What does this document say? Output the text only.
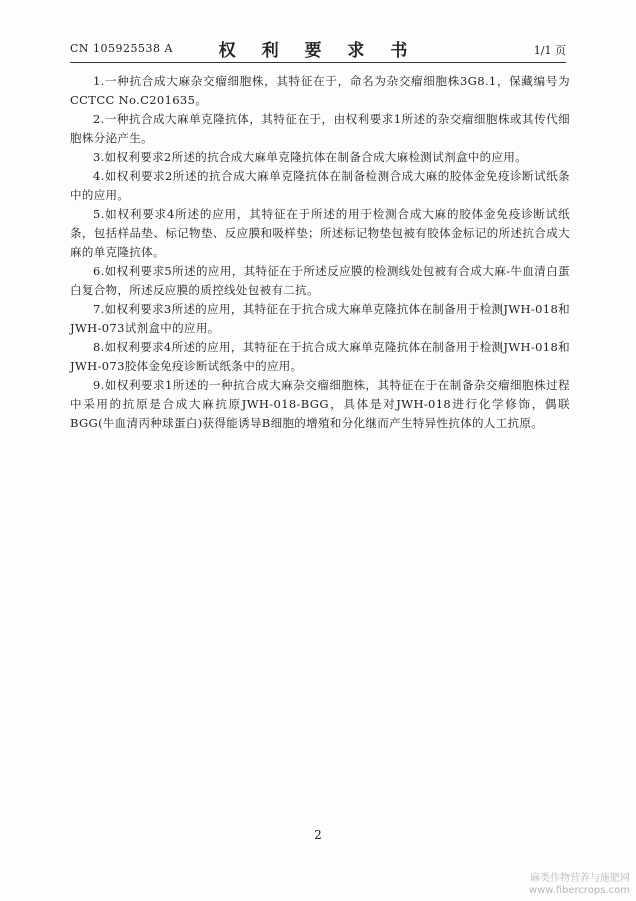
CN 105925538 A	权 利 要 求 书	1/1 页

1.一种抗合成大麻杂交瘤细胞株，其特征在于，命名为杂交瘤细胞株3G8.1，保藏编号为CCTCC No.C201635。

2.一种抗合成大麻单克隆抗体，其特征在于，由权利要求1所述的杂交瘤细胞株或其传代细胞株分泌产生。

3.如权利要求2所述的抗合成大麻单克隆抗体在制备合成大麻检测试剂盒中的应用。

4.如权利要求2所述的抗合成大麻单克隆抗体在制备检测合成大麻的胶体金免疫诊断试纸条中的应用。

5.如权利要求4所述的应用，其特征在于所述的用于检测合成大麻的胶体金免疫诊断试纸条，包括样品垫、标记物垫、反应膜和吸样垫；所述标记物垫包被有胶体金标记的所述抗合成大麻的单克隆抗体。

6.如权利要求5所述的应用，其特征在于所述反应膜的检测线处包被有合成大麻-牛血清白蛋白复合物，所述反应膜的质控线处包被有二抗。

7.如权利要求3所述的应用，其特征在于抗合成大麻单克隆抗体在制备用于检测JWH-018和JWH-073试剂盒中的应用。

8.如权利要求4所述的应用，其特征在于抗合成大麻单克隆抗体在制备用于检测JWH-018和JWH-073胶体金免疫诊断试纸条中的应用。

9.如权利要求1所述的一种抗合成大麻杂交瘤细胞株，其特征在于在制备杂交瘤细胞株过程中采用的抗原是合成大麻抗原JWH-018-BGG，具体是对JWH-018进行化学修饰，偶联BGG(牛血清丙种球蛋白)获得能诱导B细胞的增殖和分化继而产生特异性抗体的人工抗原。

2
麻类作物营养与施肥网
www.fibercrops.com
